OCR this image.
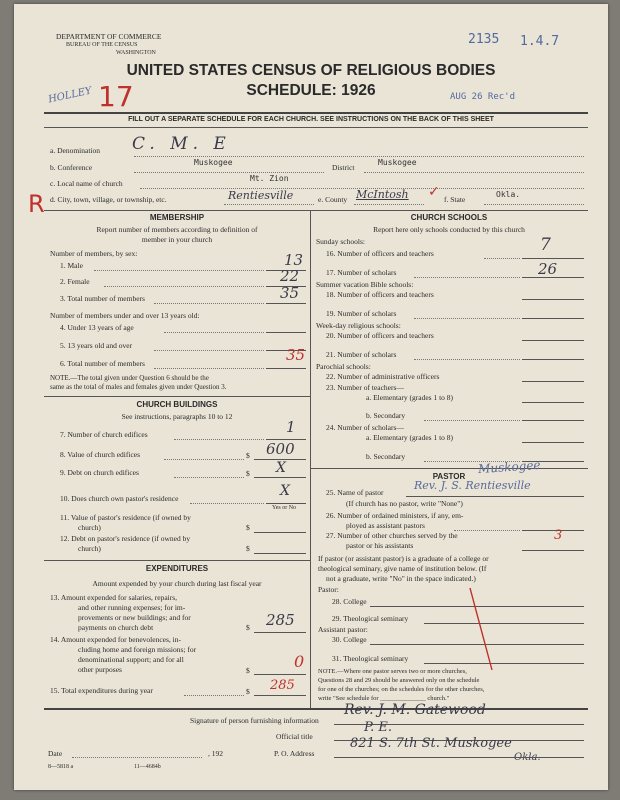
DEPARTMENT OF COMMERCE
BUREAU OF THE CENSUS
WASHINGTON
2135 1.4.7
UNITED STATES CENSUS OF RELIGIOUS BODIES
SCHEDULE: 1926
HOLLEY 17	AUG 26 Rec'd
FILL OUT A SEPARATE SCHEDULE FOR EACH CHURCH. SEE INSTRUCTIONS ON THE BACK OF THIS SHEET
a. Denomination C. M. E
b. Conference
Muskogee
District
Muskogee
c. Local name of church
Mt. Zion
R d. City, town, village, or township, etc.	Rentiesville	e. County McIntosh ✓ f. State
Okla.
MEMBERSHIP
Report number of members according to definition of
member in your church
Number of members, by sex:
1. Male	13
2. Female	22
3. Total number of members	35
Number of members under and over 13 years old:
4. Under 13 years of age
5. 13 years old and over
6. Total number of members	35
NOTE.—The total given under Question 6 should be the
same as the total of males and females given under Question 3.
CHURCH BUILDINGS
See instructions, paragraphs 10 to 12
7. Number of church edifices	1
8. Value of church edifices	$ 600
9. Debt on church edifices	$ X
10. Does church own pastor's residence	X
Yes or No
11. Value of pastor's residence (if owned by
church)	$
12. Debt on pastor's residence (if owned by
church)	$
EXPENDITURES
Amount expended by your church during last fiscal year
13. Amount expended for salaries, repairs,
and other running expenses; for im-
provements or new buildings; and for
payments on church debt	$ 285
14. Amount expended for benevolences, in-
cluding home and foreign missions; for
denominational support; and for all
other purposes	$	0
15. Total expenditures during year	$ 285
CHURCH SCHOOLS
Report here only schools conducted by this church
Sunday schools:
16. Number of officers and teachers	7
17. Number of scholars	26
Summer vacation Bible schools:
18. Number of officers and teachers
19. Number of scholars
Week-day religious schools:
20. Number of officers and teachers
21. Number of scholars
Parochial schools:
22. Number of administrative officers
23. Number of teachers—
a. Elementary (grades 1 to 8)
b. Secondary
24. Number of scholars—
a. Elementary (grades 1 to 8)
b. Secondary
PASTOR
Muskogee
25. Name of pastor
Rev. J. S. Rentiesville
(If church has no pastor, write "None")
26. Number of ordained ministers, if any, em-
ployed as assistant pastors
27. Number of other churches served by the
pastor or his assistants
3
If pastor (or assistant pastor) is a graduate of a college or
theological seminary, give name of institution below. (If
not a graduate, write "No" in the space indicated.)
Pastor:
28. College
29. Theological seminary
Assistant pastor:
30. College
31. Theological seminary
NOTE.—Where one pastor serves two or more churches,
Questions 28 and 29 should be answered only on the schedule
for one of the churches; on the schedules for the other churches,
write "See schedule for ______________ church."
Signature of person furnishing information
Rev. J. M. Gatewood
Official title
P. E.
Date	, 192	P. O. Address
821 S. 7th St. Muskogee
Okla.
8—5818 a	11—4684b
